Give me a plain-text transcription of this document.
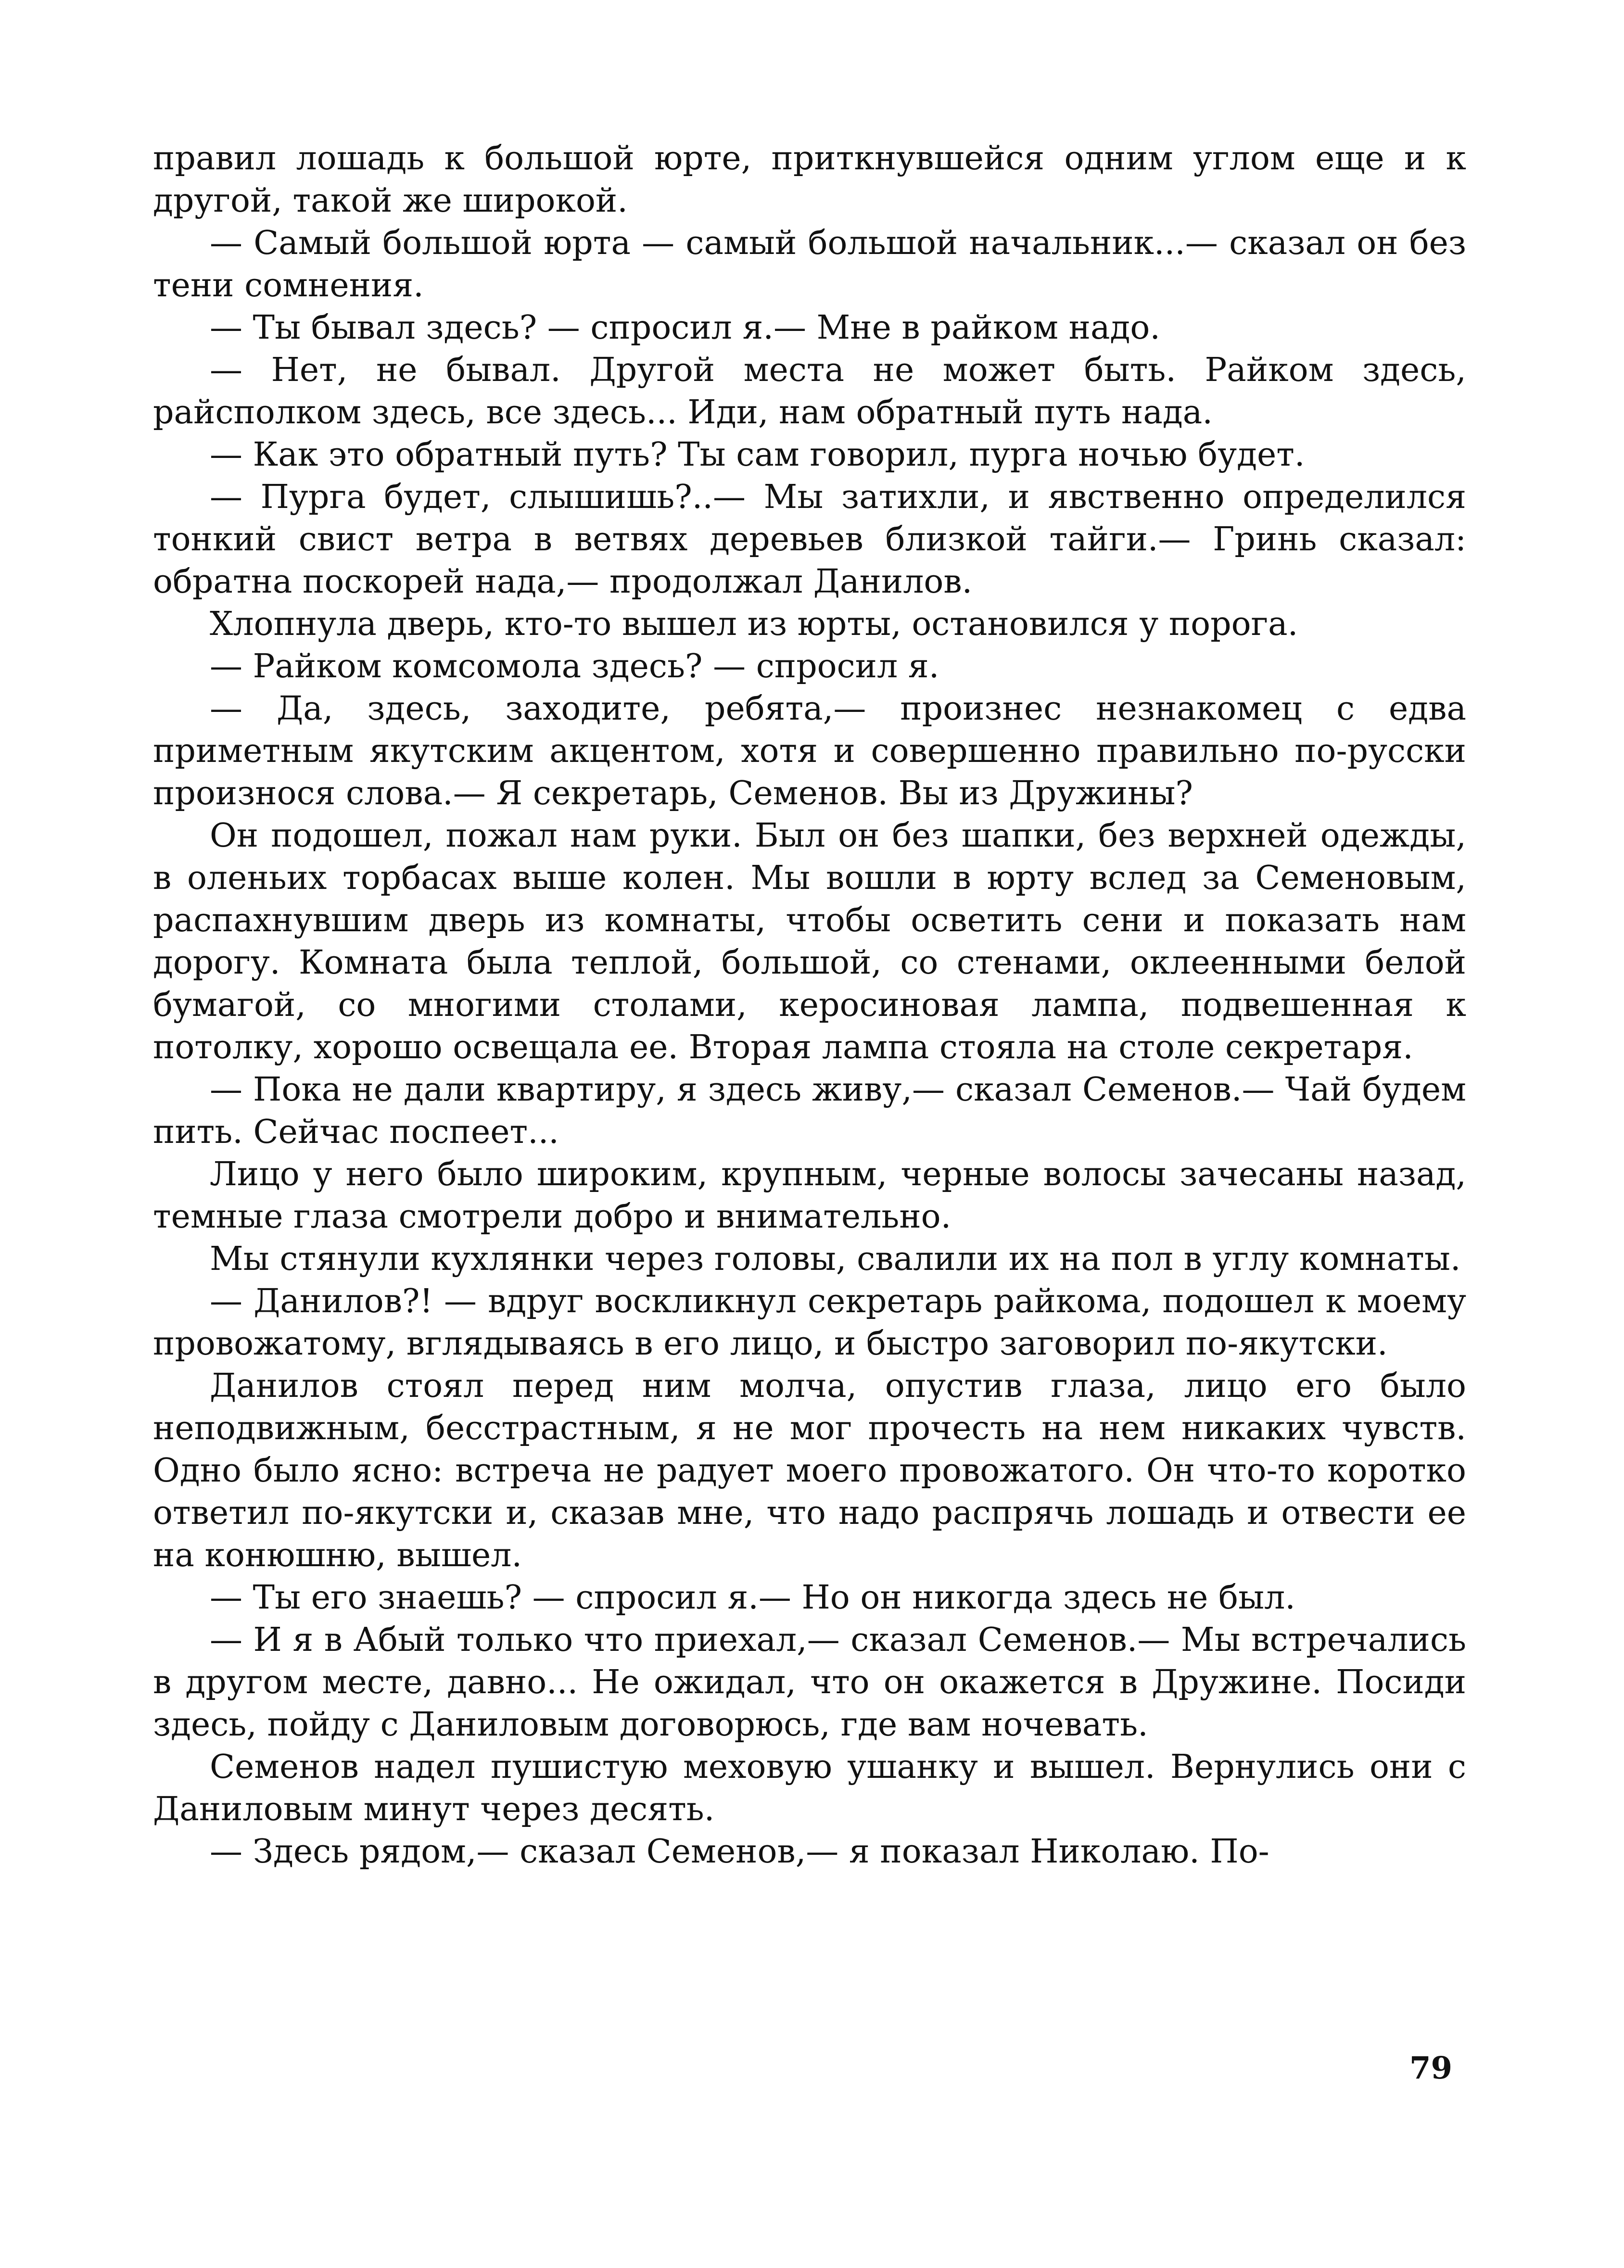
правил лошадь к большой юрте, приткнувшейся одним углом еще и к другой, такой же широкой.

— Самый большой юрта — самый большой начальник...— сказал он без тени сомнения.

— Ты бывал здесь? — спросил я.— Мне в райком надо.

— Нет, не бывал. Другой места не может быть. Райком здесь, райсполком здесь, все здесь... Иди, нам обратный путь нада.

— Как это обратный путь? Ты сам говорил, пурга ночью будет.

— Пурга будет, слышишь?..— Мы затихли, и явственно определился тонкий свист ветра в ветвях деревьев близкой тайги.— Гринь сказал: обратна поскорей нада,— продолжал Данилов.

Хлопнула дверь, кто-то вышел из юрты, остановился у порога.

— Райком комсомола здесь? — спросил я.

— Да, здесь, заходите, ребята,— произнес незнакомец с едва приметным якутским акцентом, хотя и совершенно правильно по-русски произнося слова.— Я секретарь, Семенов. Вы из Дружины?

Он подошел, пожал нам руки. Был он без шапки, без верхней одежды, в оленьих торбасах выше колен. Мы вошли в юрту вслед за Семеновым, распахнувшим дверь из комнаты, чтобы осветить сени и показать нам дорогу. Комната была теплой, большой, со стенами, оклеенными белой бумагой, со многими столами, керосиновая лампа, подвешенная к потолку, хорошо освещала ее. Вторая лампа стояла на столе секретаря.

— Пока не дали квартиру, я здесь живу,— сказал Семенов.— Чай будем пить. Сейчас поспеет...

Лицо у него было широким, крупным, черные волосы зачесаны назад, темные глаза смотрели добро и внимательно.

Мы стянули кухлянки через головы, свалили их на пол в углу комнаты.

— Данилов?! — вдруг воскликнул секретарь райкома, подошел к моему провожатому, вглядываясь в его лицо, и быстро заговорил по-якутски.

Данилов стоял перед ним молча, опустив глаза, лицо его было неподвижным, бесстрастным, я не мог прочесть на нем никаких чувств. Одно было ясно: встреча не радует моего провожатого. Он что-то коротко ответил по-якутски и, сказав мне, что надо распрячь лошадь и отвести ее на конюшню, вышел.

— Ты его знаешь? — спросил я.— Но он никогда здесь не был.

— И я в Абый только что приехал,— сказал Семенов.— Мы встречались в другом месте, давно... Не ожидал, что он окажется в Дружине. Посиди здесь, пойду с Даниловым договорюсь, где вам ночевать.

Семенов надел пушистую меховую ушанку и вышел. Вернулись они с Даниловым минут через десять.

— Здесь рядом,— сказал Семенов,— я показал Николаю. По-

79
